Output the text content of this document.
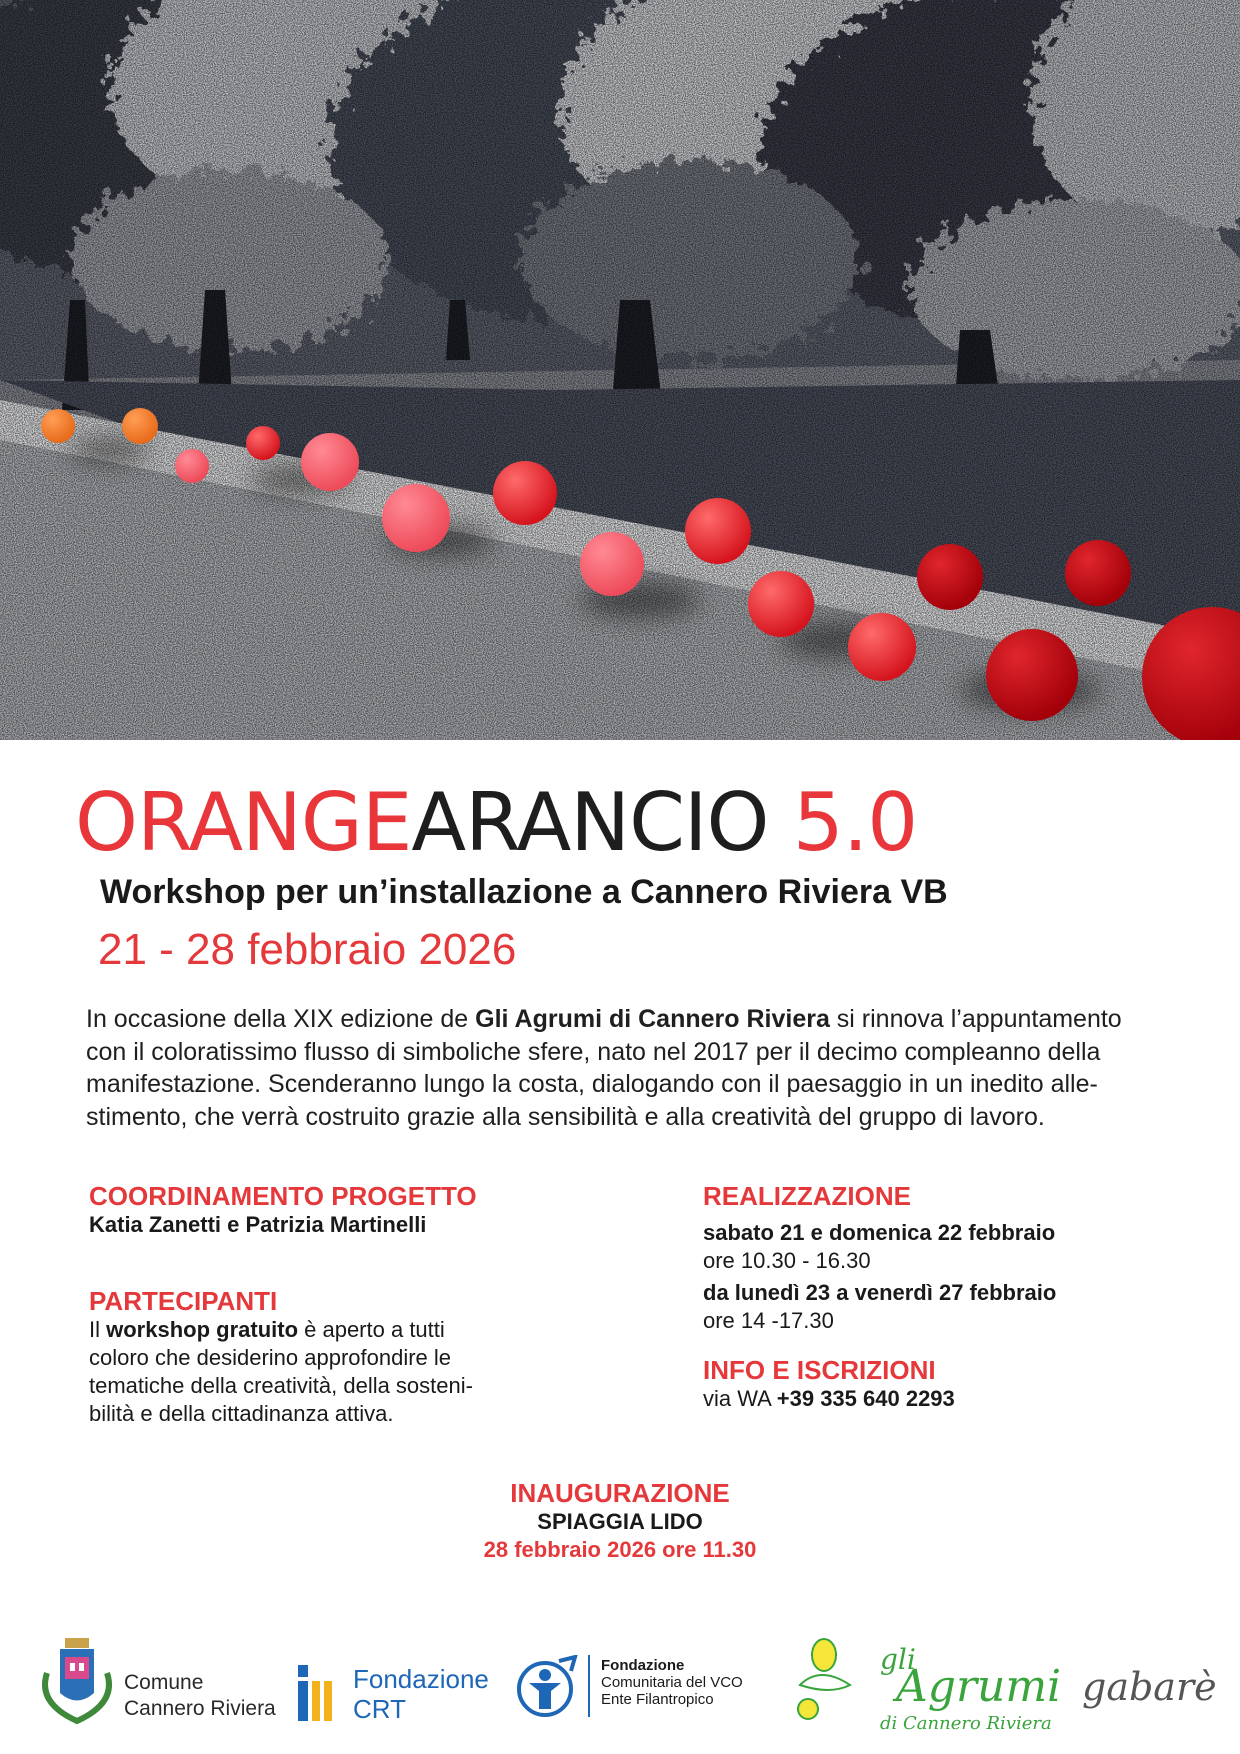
ORANGEARANCIO 5.0
Workshop per un’installazione a Cannero Riviera VB
21 - 28 febbraio 2026
In occasione della XIX edizione de Gli Agrumi di Cannero Riviera si rinnova l’appuntamento
con il coloratissimo flusso di simboliche sfere, nato nel 2017 per il decimo compleanno della
manifestazione. Scenderanno lungo la costa, dialogando con il paesaggio in un inedito alle-
stimento, che verrà costruito grazie alla sensibilità e alla creatività del gruppo di lavoro.
COORDINAMENTO PROGETTO
Katia Zanetti e Patrizia Martinelli
PARTECIPANTI
Il workshop gratuito è aperto a tutti
coloro che desiderino approfondire le
tematiche della creatività, della sosteni-
bilità e della cittadinanza attiva.
REALIZZAZIONE
sabato 21 e domenica 22 febbraio
ore 10.30 - 16.30
da lunedì 23 a venerdì 27 febbraio
ore 14 -17.30
INFO E ISCRIZIONI
via WA +39 335 640 2293
INAUGURAZIONE
SPIAGGIA LIDO
28 febbraio 2026 ore 11.30
Comune
Cannero Riviera
Fondazione
CRT
Fondazione
Comunitaria del VCO
Ente Filantropico
gli
Agrumi
di Cannero Riviera
gabarè
